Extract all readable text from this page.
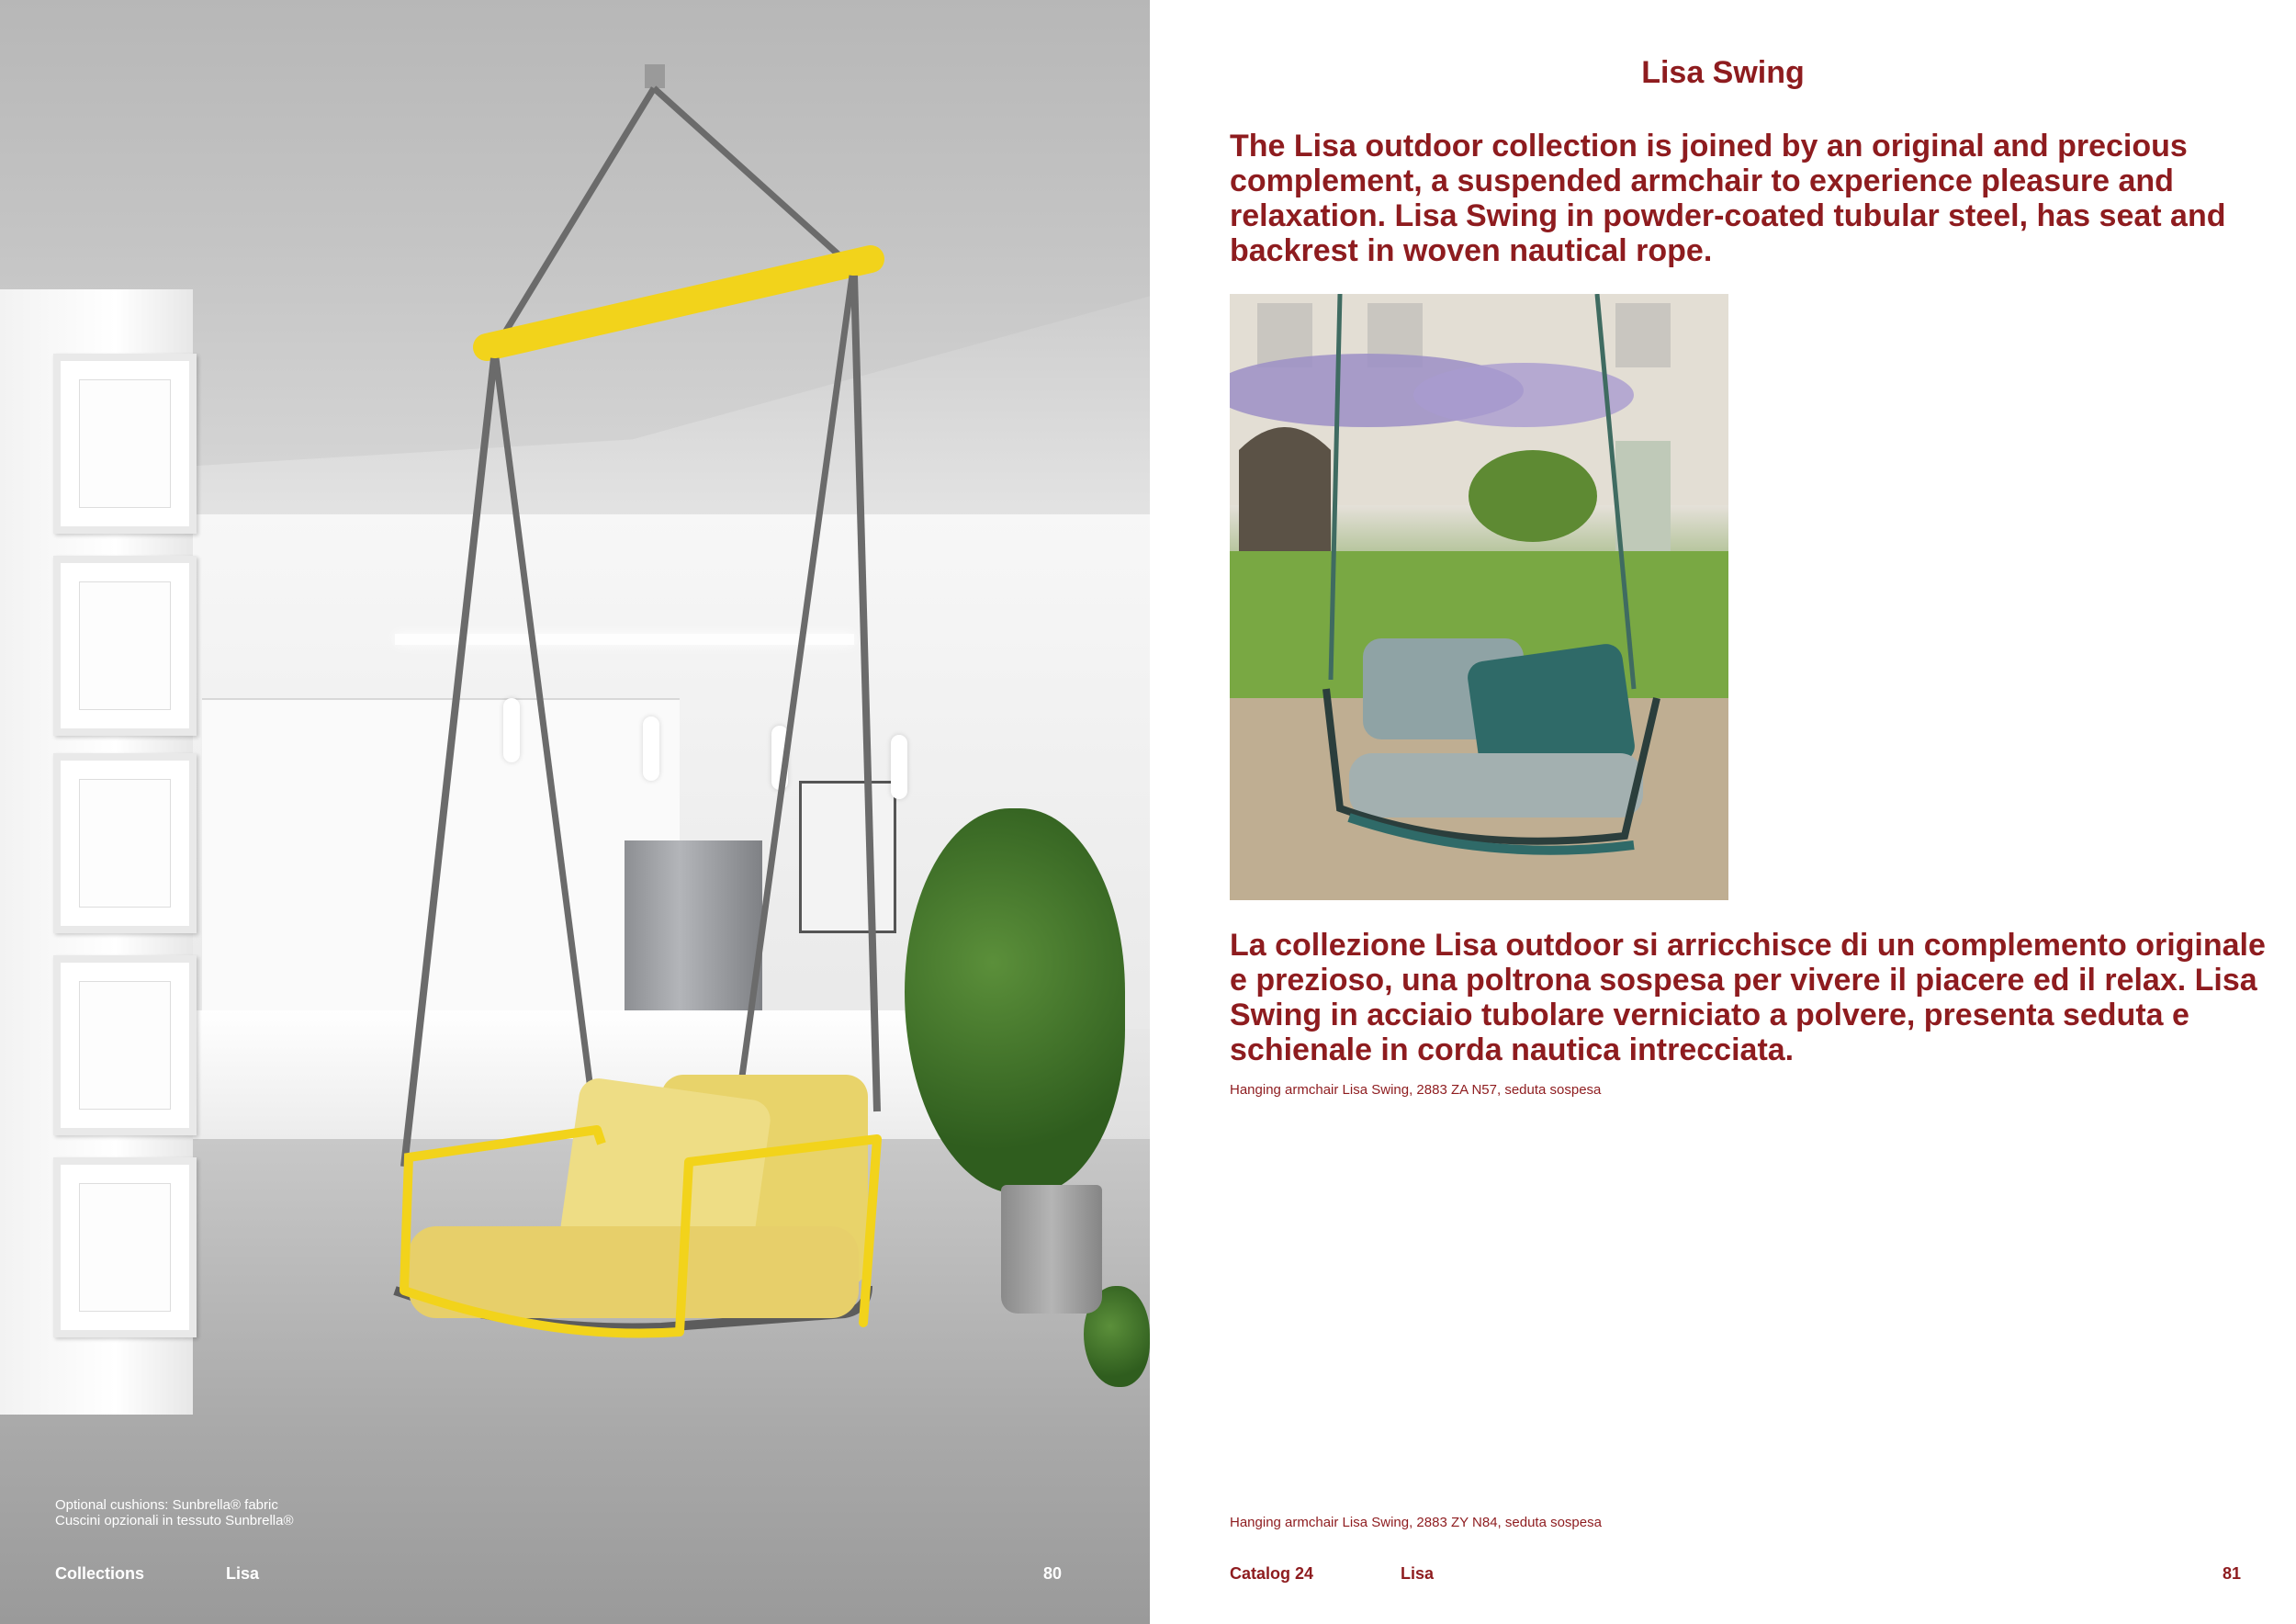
Optional cushions: Sunbrella® fabric
Cuscini opzionali in tessuto Sunbrella®
Collections	Lisa	80
Lisa Swing

The Lisa outdoor collection is joined by an original and precious complement, a suspended armchair to experience pleasure and relaxation. Lisa Swing in powder-coated tubular steel, has seat and backrest in woven nautical rope.

La collezione Lisa outdoor si arricchisce di un complemento originale e prezioso, una poltrona sospesa per vivere il piacere ed il relax. Lisa Swing in acciaio tubolare verniciato a polvere, presenta seduta e schienale in corda nautica intrecciata.

Hanging armchair Lisa Swing, 2883 ZA N57, seduta sospesa
Hanging armchair Lisa Swing, 2883 ZY N84, seduta sospesa
Catalog 24	Lisa	81
